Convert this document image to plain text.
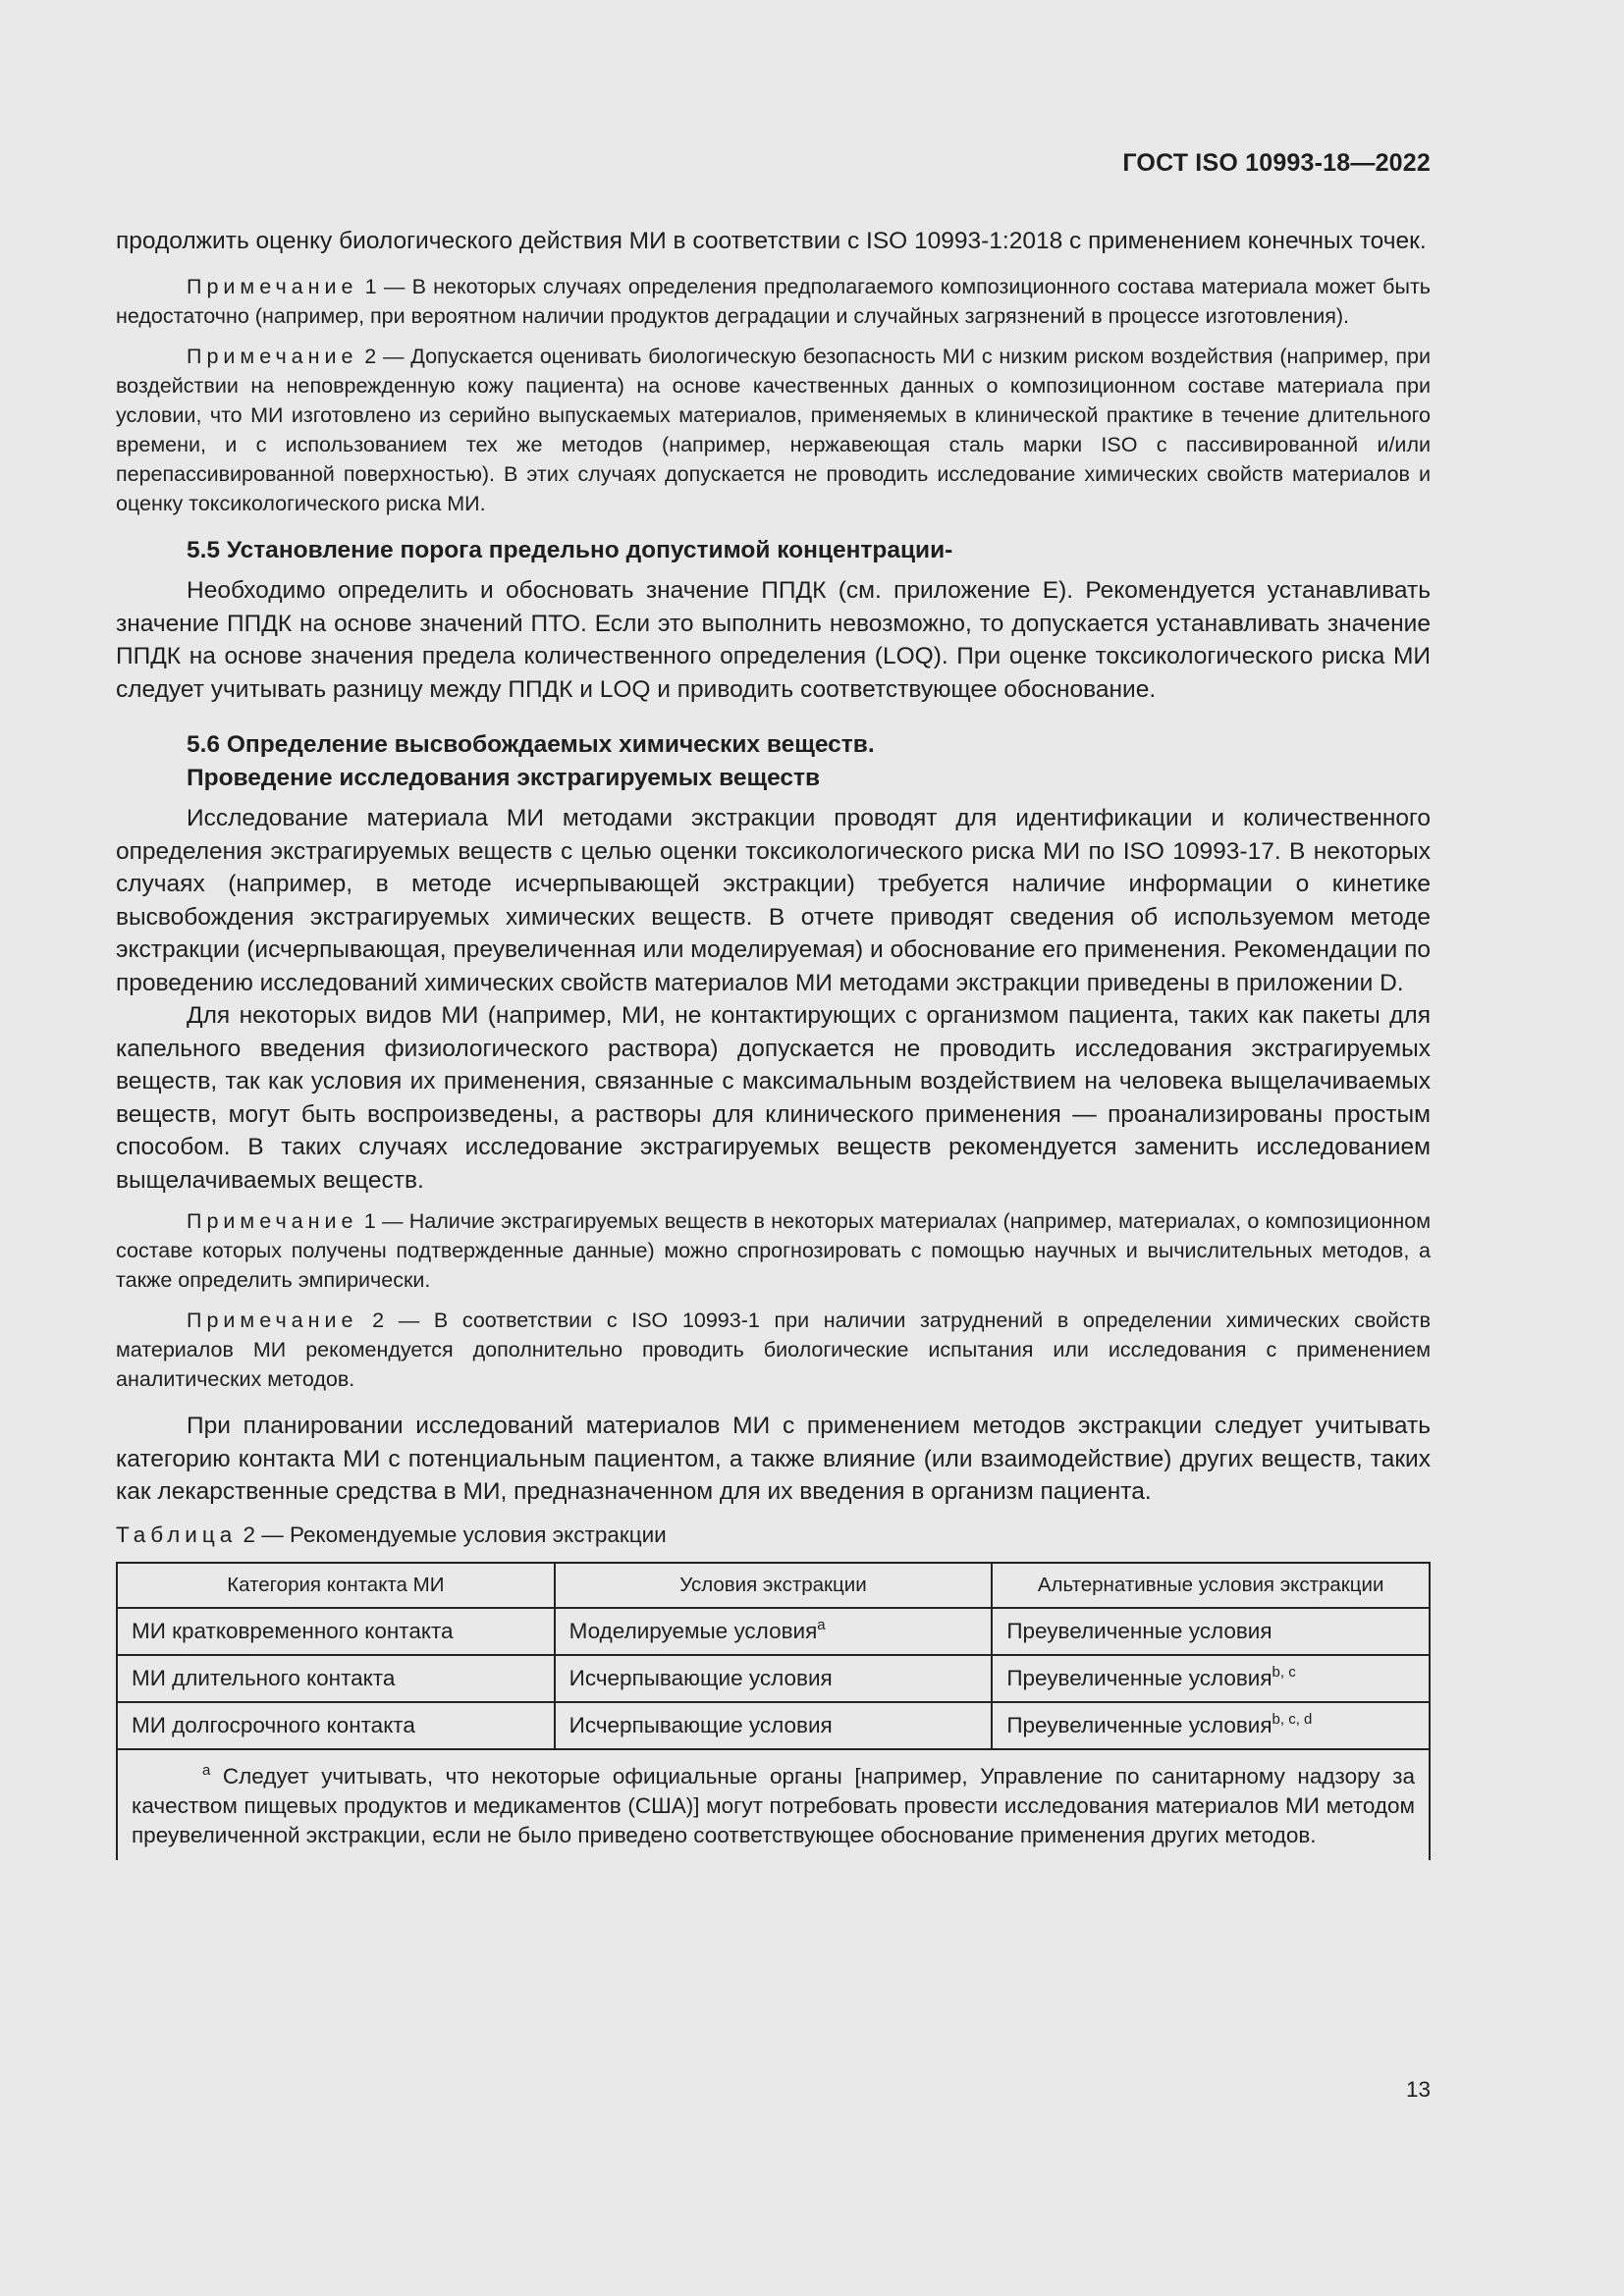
ГОСТ ISO 10993-18—2022

продолжить оценку биологического действия МИ в соответствии с ISO 10993-1:2018 с применением конечных точек.

Примечание 1 — В некоторых случаях определения предполагаемого композиционного состава материала может быть недостаточно (например, при вероятном наличии продуктов деградации и случайных загрязнений в процессе изготовления).

Примечание 2 — Допускается оценивать биологическую безопасность МИ с низким риском воздействия (например, при воздействии на неповрежденную кожу пациента) на основе качественных данных о композиционном составе материала при условии, что МИ изготовлено из серийно выпускаемых материалов, применяемых в клинической практике в течение длительного времени, и с использованием тех же методов (например, нержавеющая сталь марки ISO с пассивированной и/или перепассивированной поверхностью). В этих случаях допускается не проводить исследование химических свойств материалов и оценку токсикологического риска МИ.

5.5 Установление порога предельно допустимой концентрации-

Необходимо определить и обосновать значение ППДК (см. приложение Е). Рекомендуется устанавливать значение ППДК на основе значений ПТО. Если это выполнить невозможно, то допускается устанавливать значение ППДК на основе значения предела количественного определения (LOQ). При оценке токсикологического риска МИ следует учитывать разницу между ППДК и LOQ и приводить соответствующее обоснование.

5.6 Определение высвобождаемых химических веществ.
Проведение исследования экстрагируемых веществ

Исследование материала МИ методами экстракции проводят для идентификации и количественного определения экстрагируемых веществ с целью оценки токсикологического риска МИ по ISO 10993-17. В некоторых случаях (например, в методе исчерпывающей экстракции) требуется наличие информации о кинетике высвобождения экстрагируемых химических веществ. В отчете приводят сведения об используемом методе экстракции (исчерпывающая, преувеличенная или моделируемая) и обоснование его применения. Рекомендации по проведению исследований химических свойств материалов МИ методами экстракции приведены в приложении D.

Для некоторых видов МИ (например, МИ, не контактирующих с организмом пациента, таких как пакеты для капельного введения физиологического раствора) допускается не проводить исследования экстрагируемых веществ, так как условия их применения, связанные с максимальным воздействием на человека выщелачиваемых веществ, могут быть воспроизведены, а растворы для клинического применения — проанализированы простым способом. В таких случаях исследование экстрагируемых веществ рекомендуется заменить исследованием выщелачиваемых веществ.

Примечание 1 — Наличие экстрагируемых веществ в некоторых материалах (например, материалах, о композиционном составе которых получены подтвержденные данные) можно спрогнозировать с помощью научных и вычислительных методов, а также определить эмпирически.

Примечание 2 — В соответствии с ISO 10993-1 при наличии затруднений в определении химических свойств материалов МИ рекомендуется дополнительно проводить биологические испытания или исследования с применением аналитических методов.

При планировании исследований материалов МИ с применением методов экстракции следует учитывать категорию контакта МИ с потенциальным пациентом, а также влияние (или взаимодействие) других веществ, таких как лекарственные средства в МИ, предназначенном для их введения в организм пациента.

Таблица 2 — Рекомендуемые условия экстракции
Категория контакта МИ	Условия экстракции	Альтернативные условия экстракции
МИ кратковременного контакта	Моделируемые условия$^a$	Преувеличенные условия
МИ длительного контакта	Исчерпывающие условия	Преувеличенные условия$^{b, c}$
МИ долгосрочного контакта	Исчерпывающие условия	Преувеличенные условия$^{b, c, d}$

$^a$ Следует учитывать, что некоторые официальные органы [например, Управление по санитарному надзору за качеством пищевых продуктов и медикаментов (США)] могут потребовать провести исследования материалов МИ методом преувеличенной экстракции, если не было приведено соответствующее обоснование применения других методов.		
13
